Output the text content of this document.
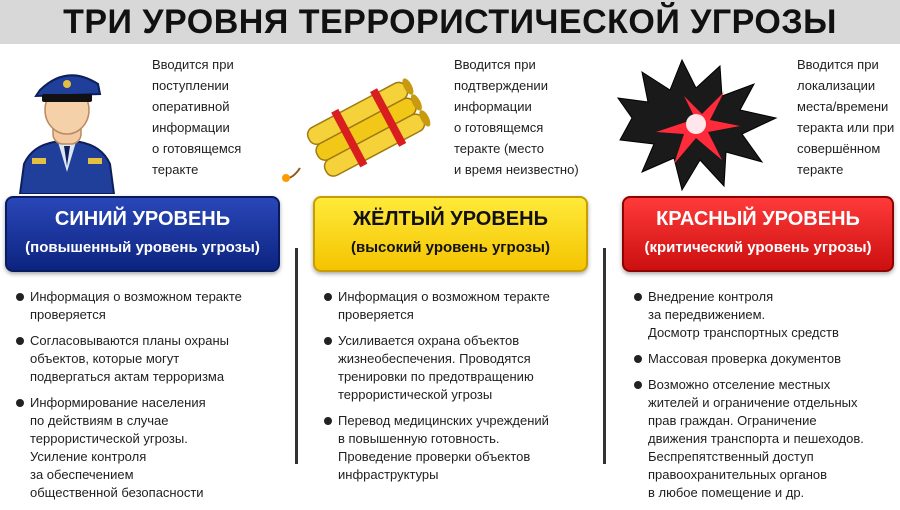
ТРИ УРОВНЯ ТЕРРОРИСТИЧЕСКОЙ УГРОЗЫ
Вводится при
поступлении
оперативной
информации
о готовящемся
теракте
СИНИЙ УРОВЕНЬ
(повышенный уровень угрозы)
Информация о возможном теракте
проверяется
Согласовываются планы охраны
объектов, которые могут
подвергаться актам терроризма
Информирование населения
по действиям в случае
террористической угрозы.
Усиление контроля
за обеспечением
общественной безопасности
Вводится при
подтверждении
информации
о готовящемся
теракте (место
и время неизвестно)
ЖЁЛТЫЙ УРОВЕНЬ
(высокий уровень угрозы)
Информация о возможном теракте
проверяется
Усиливается охрана объектов
жизнеобеспечения. Проводятся
тренировки по предотвращению
террористической угрозы
Перевод медицинских учреждений
в повышенную готовность.
Проведение проверки объектов
инфраструктуры
Вводится при
локализации
места/времени
теракта или при
совершённом
теракте
КРАСНЫЙ УРОВЕНЬ
(критический уровень угрозы)
Внедрение контроля
за передвижением.
Досмотр транспортных средств
Массовая проверка документов
Возможно отселение местных
жителей и ограничение отдельных
прав граждан. Ограничение
движения транспорта и пешеходов.
Беспрепятственный доступ
правоохранительных органов
в любое помещение и др.
